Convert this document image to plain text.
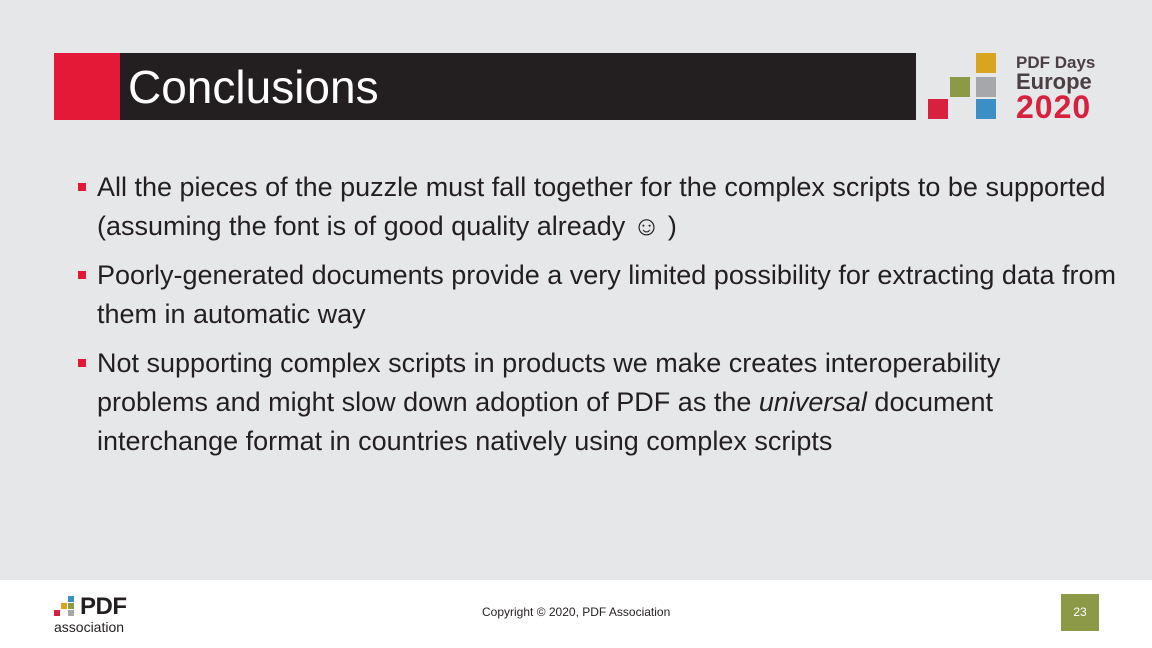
Conclusions	PDF Days
Europe
2020
All the pieces of the puzzle must fall together for the complex scripts to be supported (assuming the font is of good quality already ☺ )
Poorly-generated documents provide a very limited possibility for extracting data from them in automatic way
Not supporting complex scripts in products we make creates interoperability problems and might slow down adoption of PDF as the universal document interchange format in countries natively using complex scripts
PDF
association
Copyright © 2020, PDF Association	23
